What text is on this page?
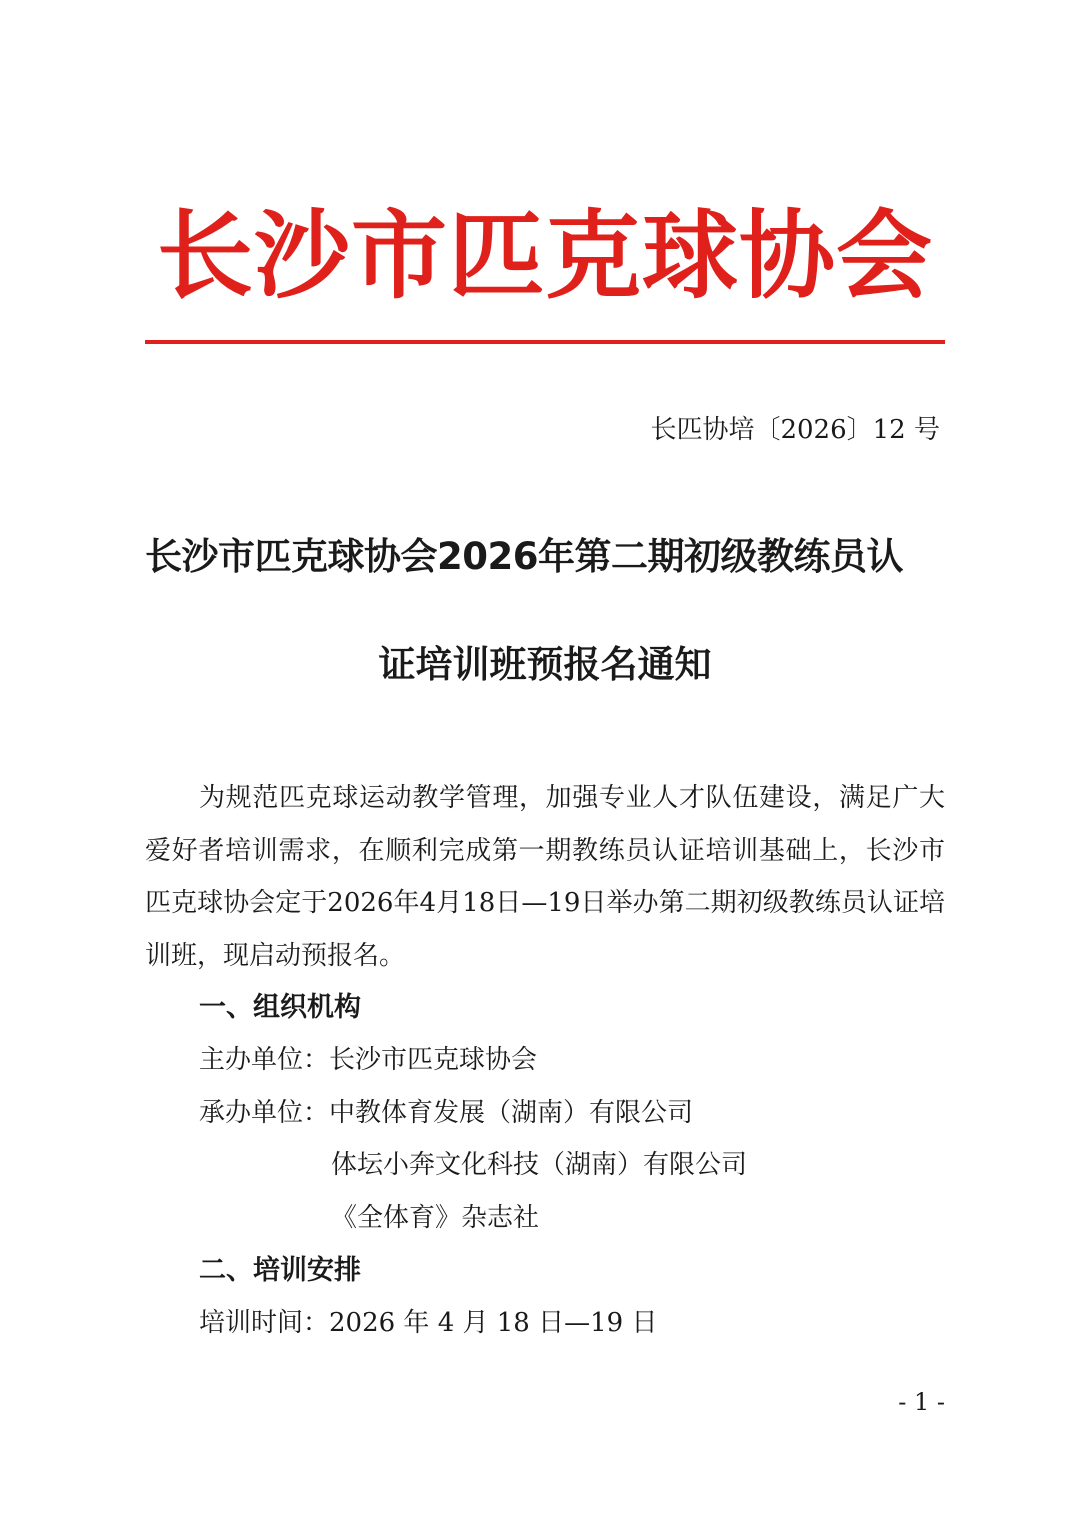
长沙市匹克球协会
长匹协培〔2026〕12 号
长沙市匹克球协会2026年第二期初级教练员认
证培训班预报名通知
为规范匹克球运动教学管理，加强专业人才队伍建设，满足广大爱好者培训需求，在顺利完成第一期教练员认证培训基础上，长沙市匹克球协会定于2026年4月18日—19日举办第二期初级教练员认证培训班，现启动预报名。
一、组织机构
主办单位：长沙市匹克球协会
承办单位：中教体育发展（湖南）有限公司
体坛小奔文化科技（湖南）有限公司
《全体育》杂志社
二、培训安排
培训时间：2026 年 4 月 18 日—19 日
- 1 -
